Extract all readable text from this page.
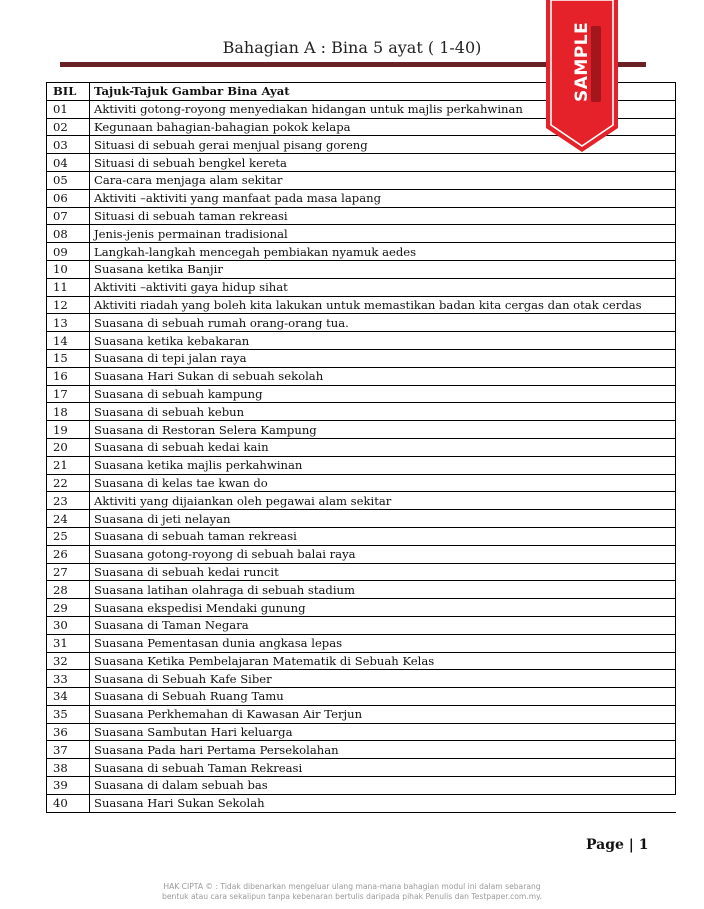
Bahagian A : Bina 5 ayat ( 1-40)
BIL	Tajuk-Tajuk Gambar Bina Ayat
01	Aktiviti gotong-royong menyediakan hidangan untuk majlis perkahwinan
02	Kegunaan bahagian-bahagian pokok kelapa
03	Situasi di sebuah gerai menjual pisang goreng
04	Situasi di sebuah bengkel kereta
05	Cara-cara menjaga alam sekitar
06	Aktiviti –aktiviti yang manfaat pada masa lapang
07	Situasi di sebuah taman rekreasi
08	Jenis-jenis permainan tradisional
09	Langkah-langkah mencegah pembiakan nyamuk aedes
10	Suasana ketika Banjir
11	Aktiviti –aktiviti gaya hidup sihat
12	Aktiviti riadah yang boleh kita lakukan untuk memastikan badan kita cergas dan otak cerdas
13	Suasana di sebuah rumah orang-orang tua.
14	Suasana ketika kebakaran
15	Suasana di tepi jalan raya
16	Suasana Hari Sukan di sebuah sekolah
17	Suasana di sebuah kampung
18	Suasana di sebuah kebun
19	Suasana di Restoran Selera Kampung
20	Suasana di sebuah kedai kain
21	Suasana ketika majlis perkahwinan
22	Suasana di kelas tae kwan do
23	Aktiviti yang dijaiankan oleh pegawai alam sekitar
24	Suasana di jeti nelayan
25	Suasana di sebuah taman rekreasi
26	Suasana gotong-royong di sebuah balai raya
27	Suasana di sebuah kedai runcit
28	Suasana latihan olahraga di sebuah stadium
29	Suasana ekspedisi Mendaki gunung
30	Suasana di Taman Negara
31	Suasana Pementasan dunia angkasa lepas
32	Suasana Ketika Pembelajaran Matematik di Sebuah Kelas
33	Suasana di Sebuah Kafe Siber
34	Suasana di Sebuah Ruang Tamu
35	Suasana Perkhemahan di Kawasan Air Terjun
36	Suasana Sambutan Hari keluarga
37	Suasana Pada hari Pertama Persekolahan
38	Suasana di sebuah Taman Rekreasi
39	Suasana di dalam sebuah bas
40	Suasana Hari Sukan Sekolah
SAMPLE
Page | 1
HAK CIPTA © : Tidak dibenarkan mengeluar ulang mana-mana bahagian modul ini dalam sebarang
bentuk atau cara sekalipun tanpa kebenaran bertulis daripada pihak Penulis dan Testpaper.com.my.
